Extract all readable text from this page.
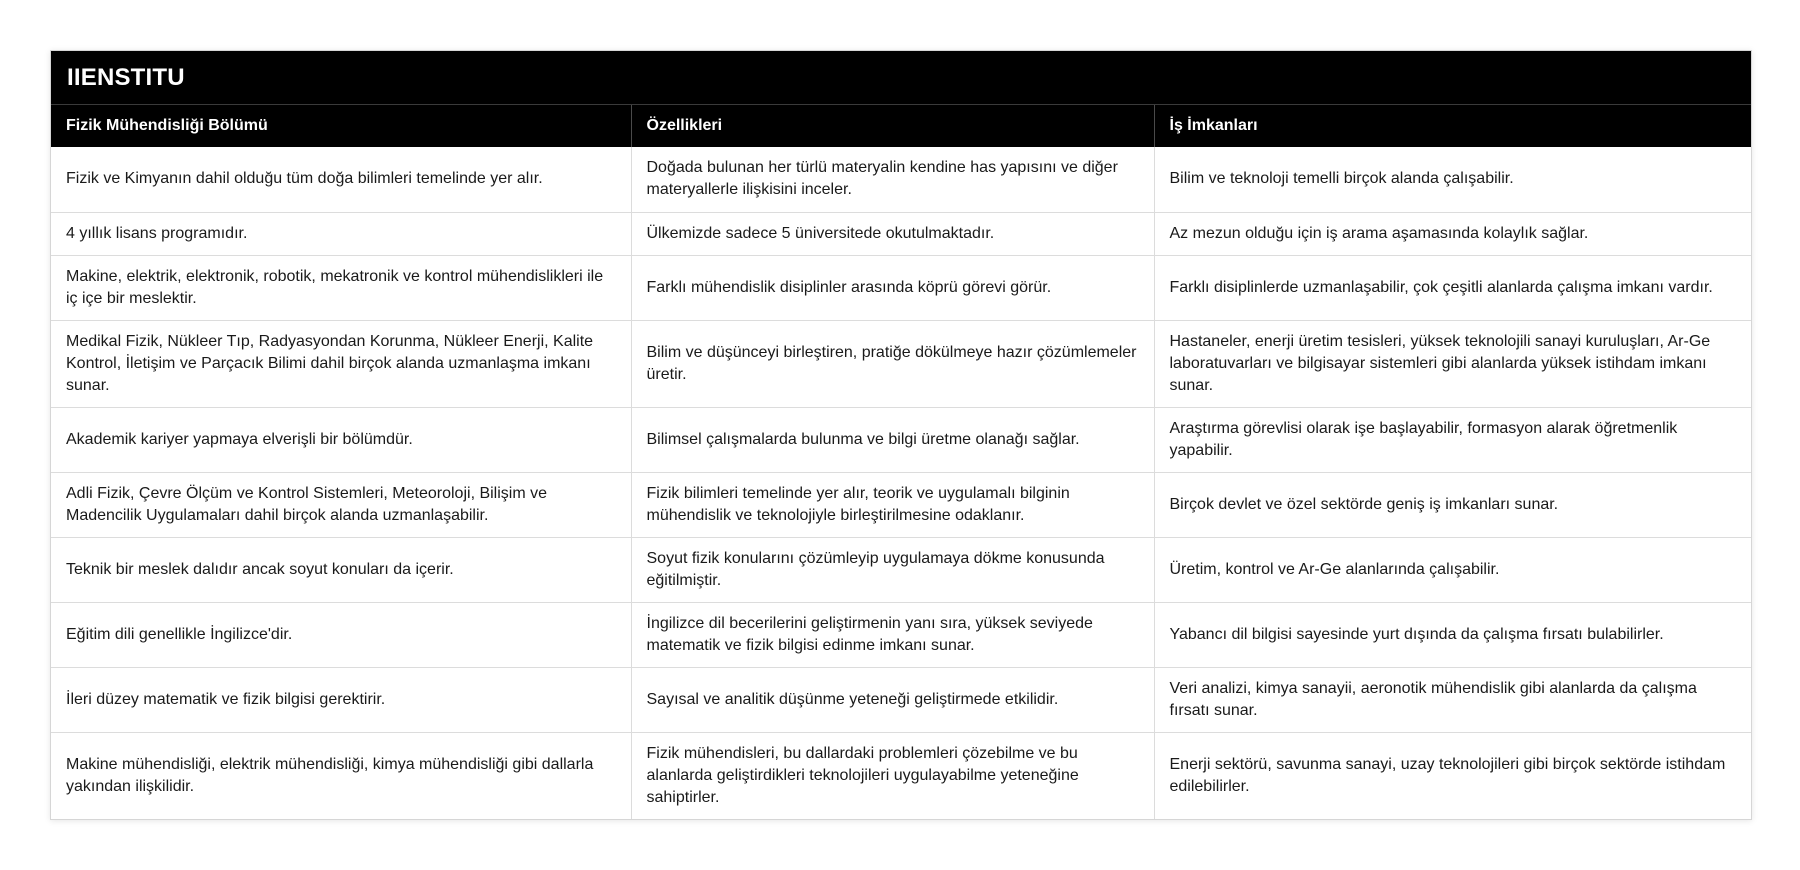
IIENSTITU
Fizik Mühendisliği Bölümü	Özellikleri	İş İmkanları
Fizik ve Kimyanın dahil olduğu tüm doğa bilimleri temelinde yer alır.	Doğada bulunan her türlü materyalin kendine has yapısını ve diğer materyallerle ilişkisini inceler.	Bilim ve teknoloji temelli birçok alanda çalışabilir.
4 yıllık lisans programıdır.	Ülkemizde sadece 5 üniversitede okutulmaktadır.	Az mezun olduğu için iş arama aşamasında kolaylık sağlar.
Makine, elektrik, elektronik, robotik, mekatronik ve kontrol mühendislikleri ile iç içe bir meslektir.	Farklı mühendislik disiplinler arasında köprü görevi görür.	Farklı disiplinlerde uzmanlaşabilir, çok çeşitli alanlarda çalışma imkanı vardır.
Medikal Fizik, Nükleer Tıp, Radyasyondan Korunma, Nükleer Enerji, Kalite Kontrol, İletişim ve Parçacık Bilimi dahil birçok alanda uzmanlaşma imkanı sunar.	Bilim ve düşünceyi birleştiren, pratiğe dökülmeye hazır çözümlemeler üretir.	Hastaneler, enerji üretim tesisleri, yüksek teknolojili sanayi kuruluşları, Ar-Ge laboratuvarları ve bilgisayar sistemleri gibi alanlarda yüksek istihdam imkanı sunar.
Akademik kariyer yapmaya elverişli bir bölümdür.	Bilimsel çalışmalarda bulunma ve bilgi üretme olanağı sağlar.	Araştırma görevlisi olarak işe başlayabilir, formasyon alarak öğretmenlik yapabilir.
Adli Fizik, Çevre Ölçüm ve Kontrol Sistemleri, Meteoroloji, Bilişim ve Madencilik Uygulamaları dahil birçok alanda uzmanlaşabilir.	Fizik bilimleri temelinde yer alır, teorik ve uygulamalı bilginin mühendislik ve teknolojiyle birleştirilmesine odaklanır.	Birçok devlet ve özel sektörde geniş iş imkanları sunar.
Teknik bir meslek dalıdır ancak soyut konuları da içerir.	Soyut fizik konularını çözümleyip uygulamaya dökme konusunda eğitilmiştir.	Üretim, kontrol ve Ar-Ge alanlarında çalışabilir.
Eğitim dili genellikle İngilizce'dir.	İngilizce dil becerilerini geliştirmenin yanı sıra, yüksek seviyede matematik ve fizik bilgisi edinme imkanı sunar.	Yabancı dil bilgisi sayesinde yurt dışında da çalışma fırsatı bulabilirler.
İleri düzey matematik ve fizik bilgisi gerektirir.	Sayısal ve analitik düşünme yeteneği geliştirmede etkilidir.	Veri analizi, kimya sanayii, aeronotik mühendislik gibi alanlarda da çalışma fırsatı sunar.
Makine mühendisliği, elektrik mühendisliği, kimya mühendisliği gibi dallarla yakından ilişkilidir.	Fizik mühendisleri, bu dallardaki problemleri çözebilme ve bu alanlarda geliştirdikleri teknolojileri uygulayabilme yeteneğine sahiptirler.	Enerji sektörü, savunma sanayi, uzay teknolojileri gibi birçok sektörde istihdam edilebilirler.
